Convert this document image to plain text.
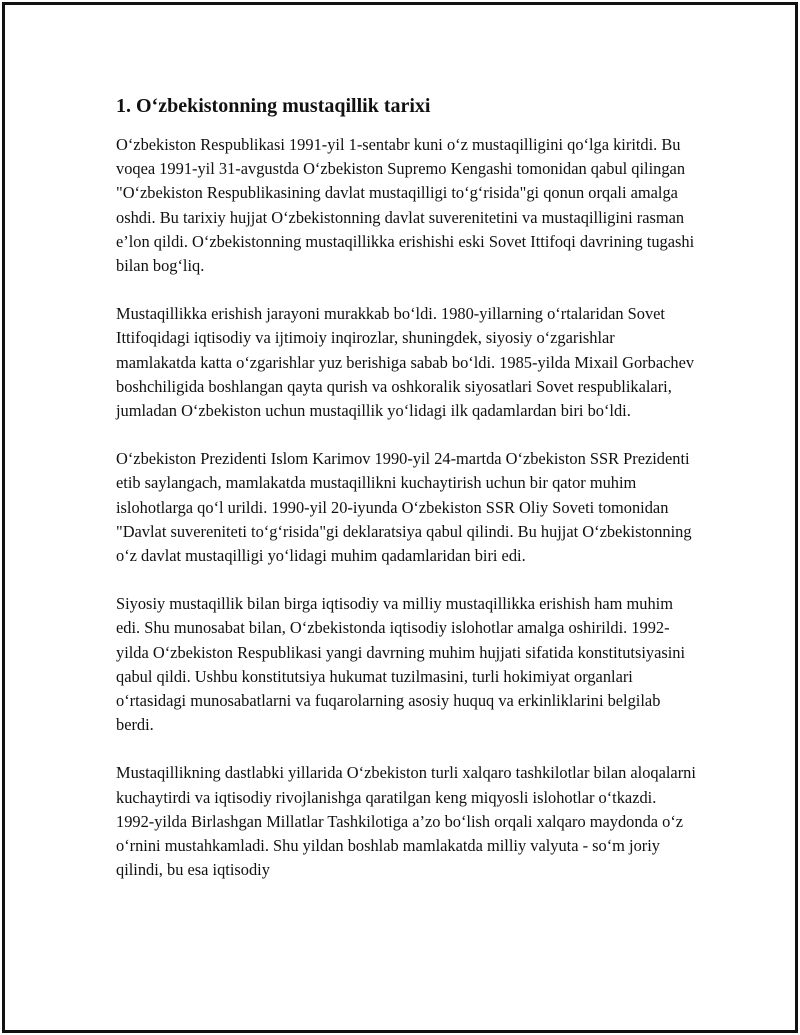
1. O‘zbekistonning mustaqillik tarixi

O‘zbekiston Respublikasi 1991-yil 1-sentabr kuni o‘z mustaqilligini qo‘lga kiritdi. Bu voqea 1991-yil 31-avgustda O‘zbekiston Supremo Kengashi tomonidan qabul qilingan "O‘zbekiston Respublikasining davlat mustaqilligi to‘g‘risida"gi qonun orqali amalga oshdi. Bu tarixiy hujjat O‘zbekistonning davlat suverenitetini va mustaqilligini rasman e’lon qildi. O‘zbekistonning mustaqillikka erishishi eski Sovet Ittifoqi davrining tugashi bilan bog‘liq.

Mustaqillikka erishish jarayoni murakkab bo‘ldi. 1980-yillarning o‘rtalaridan Sovet Ittifoqidagi iqtisodiy va ijtimoiy inqirozlar, shuningdek, siyosiy o‘zgarishlar mamlakatda katta o‘zgarishlar yuz berishiga sabab bo‘ldi. 1985-yilda Mixail Gorbachev boshchiligida boshlangan qayta qurish va oshkoralik siyosatlari Sovet respublikalari, jumladan O‘zbekiston uchun mustaqillik yo‘lidagi ilk qadamlardan biri bo‘ldi.

O‘zbekiston Prezidenti Islom Karimov 1990-yil 24-martda O‘zbekiston SSR Prezidenti etib saylangach, mamlakatda mustaqillikni kuchaytirish uchun bir qator muhim islohotlarga qo‘l urildi. 1990-yil 20-iyunda O‘zbekiston SSR Oliy Soveti tomonidan "Davlat suvereniteti to‘g‘risida"gi deklaratsiya qabul qilindi. Bu hujjat O‘zbekistonning o‘z davlat mustaqilligi yo‘lidagi muhim qadamlaridan biri edi.

Siyosiy mustaqillik bilan birga iqtisodiy va milliy mustaqillikka erishish ham muhim edi. Shu munosabat bilan, O‘zbekistonda iqtisodiy islohotlar amalga oshirildi. 1992-yilda O‘zbekiston Respublikasi yangi davrning muhim hujjati sifatida konstitutsiyasini qabul qildi. Ushbu konstitutsiya hukumat tuzilmasini, turli hokimiyat organlari o‘rtasidagi munosabatlarni va fuqarolarning asosiy huquq va erkinliklarini belgilab berdi.

Mustaqillikning dastlabki yillarida O‘zbekiston turli xalqaro tashkilotlar bilan aloqalarni kuchaytirdi va iqtisodiy rivojlanishga qaratilgan keng miqyosli islohotlar o‘tkazdi. 1992-yilda Birlashgan Millatlar Tashkilotiga a’zo bo‘lish orqali xalqaro maydonda o‘z o‘rnini mustahkamladi. Shu yildan boshlab mamlakatda milliy valyuta - so‘m joriy qilindi, bu esa iqtisodiy
